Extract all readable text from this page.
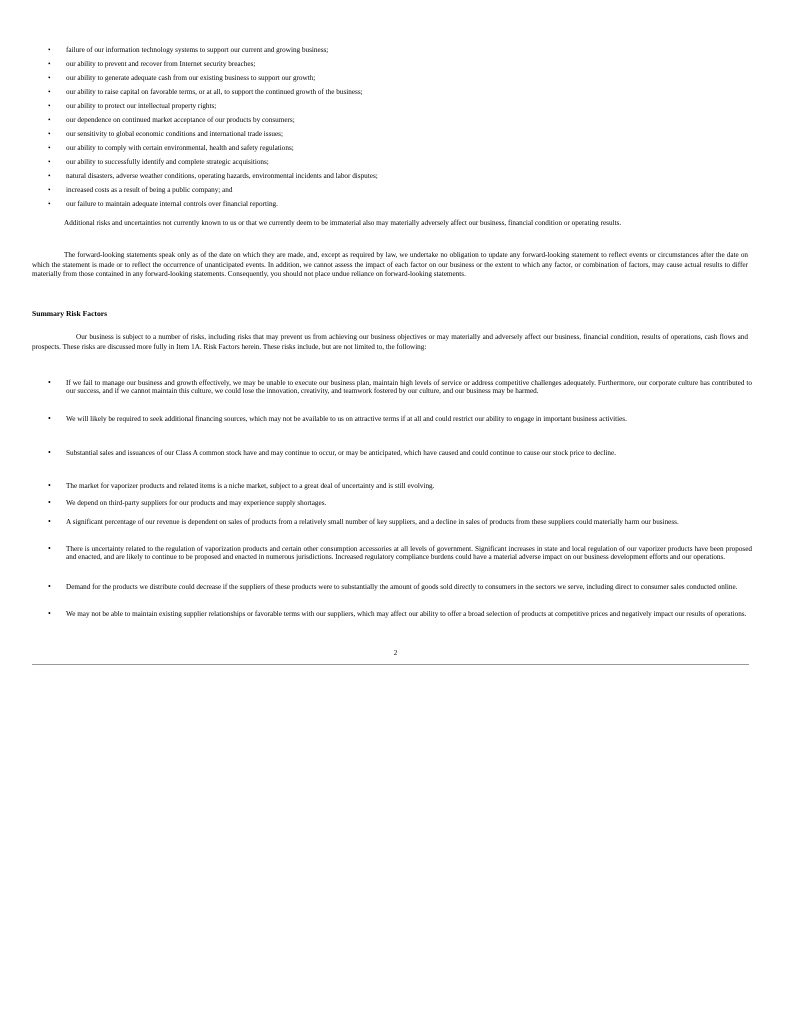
• failure of our information technology systems to support our current and growing business;
• our ability to prevent and recover from Internet security breaches;
• our ability to generate adequate cash from our existing business to support our growth;
• our ability to raise capital on favorable terms, or at all, to support the continued growth of the business;
• our ability to protect our intellectual property rights;
• our dependence on continued market acceptance of our products by consumers;
• our sensitivity to global economic conditions and international trade issues;
• our ability to comply with certain environmental, health and safety regulations;
• our ability to successfully identify and complete strategic acquisitions;
• natural disasters, adverse weather conditions, operating hazards, environmental incidents and labor disputes;
• increased costs as a result of being a public company; and
• our failure to maintain adequate internal controls over financial reporting.
Additional risks and uncertainties not currently known to us or that we currently deem to be immaterial also may materially adversely affect our business, financial condition or operating results.
The forward-looking statements speak only as of the date on which they are made, and, except as required by law, we undertake no obligation to update any forward-looking statement to reflect events or circumstances after the date on which the statement is made or to reflect the occurrence of unanticipated events. In addition, we cannot assess the impact of each factor on our business or the extent to which any factor, or combination of factors, may cause actual results to differ materially from those contained in any forward-looking statements. Consequently, you should not place undue reliance on forward-looking statements.
Summary Risk Factors
Our business is subject to a number of risks, including risks that may prevent us from achieving our business objectives or may materially and adversely affect our business, financial condition, results of operations, cash flows and prospects. These risks are discussed more fully in Item 1A. Risk Factors herein. These risks include, but are not limited to, the following:
• If we fail to manage our business and growth effectively, we may be unable to execute our business plan, maintain high levels of service or address competitive challenges adequately. Furthermore, our corporate culture has contributed to our success, and if we cannot maintain this culture, we could lose the innovation, creativity, and teamwork fostered by our culture, and our business may be harmed.
• We will likely be required to seek additional financing sources, which may not be available to us on attractive terms if at all and could restrict our ability to engage in important business activities.
• Substantial sales and issuances of our Class A common stock have and may continue to occur, or may be anticipated, which have caused and could continue to cause our stock price to decline.
• The market for vaporizer products and related items is a niche market, subject to a great deal of uncertainty and is still evolving.
• We depend on third-party suppliers for our products and may experience supply shortages.
• A significant percentage of our revenue is dependent on sales of products from a relatively small number of key suppliers, and a decline in sales of products from these suppliers could materially harm our business.
• There is uncertainty related to the regulation of vaporization products and certain other consumption accessories at all levels of government. Significant increases in state and local regulation of our vaporizer products have been proposed and enacted, and are likely to continue to be proposed and enacted in numerous jurisdictions. Increased regulatory compliance burdens could have a material adverse impact on our business development efforts and our operations.
• Demand for the products we distribute could decrease if the suppliers of these products were to substantially the amount of goods sold directly to consumers in the sectors we serve, including direct to consumer sales conducted online.
• We may not be able to maintain existing supplier relationships or favorable terms with our suppliers, which may affect our ability to offer a broad selection of products at competitive prices and negatively impact our results of operations.
2
